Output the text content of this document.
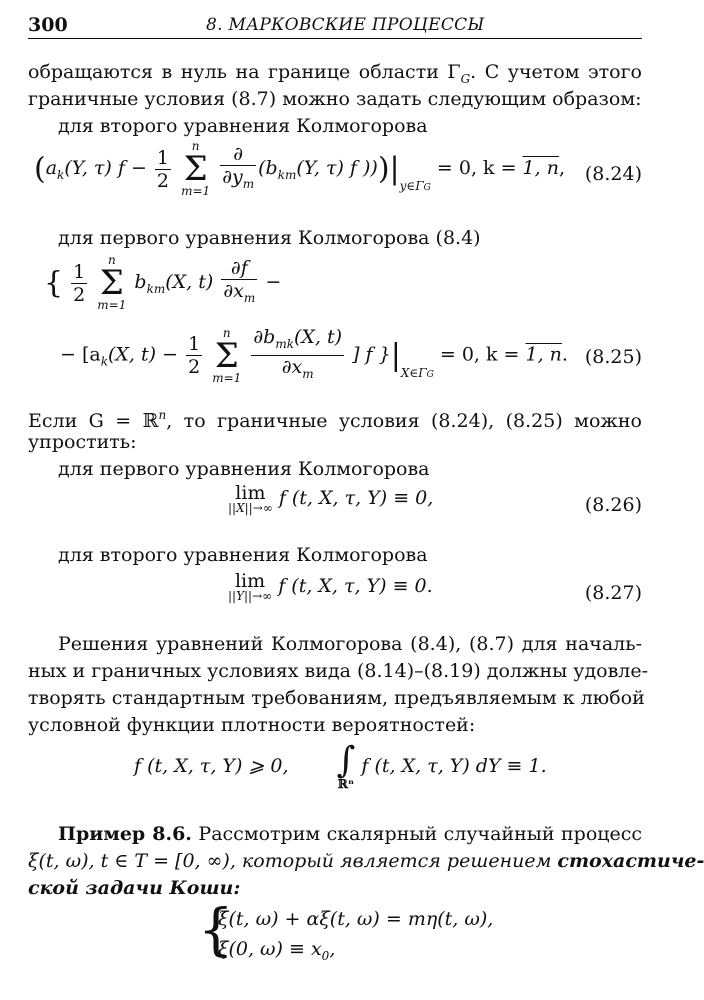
300	8. МАРКОВСКИЕ ПРОЦЕССЫ
обращаются в нуль на границе области $\Gamma_G$. С учетом этого
граничные условия (8.7) можно задать следующим образом:
для второго уравнения Колмогорова
($a_k(Y$, τ) $f - \frac{1}{2}$

n
Σ
m=1
$\frac{\partial}{\partial y_m} (b_{km}(Y$, τ) f )))$|_{y\in\Gamma G} = 0$, k = 1, n, (8.24)
для первого уравнения Колмогорова (8.4)
{ $\frac{1}{2}$

n
Σ
m=1
$b_{km}(X$, $t) \frac{\partial f}{\partial x_m}$ −
− [$a_k(X$, $t) - \frac{1}{2}$

n
Σ
m=1
$\frac{\partial b_{mk}(X, t)}{\partial x_m}$ ] f }$|_{X\in\Gamma G} = 0$, k = 1, n. (8.25)
Если G = ℝ$^n$, то граничные условия (8.24), (8.25) можно
упростить:
для первого уравнения Колмогорова
lim
||X||→∞ f (t, X, τ, Y) ≡ 0,	(8.26)
для второго уравнения Колмогорова
lim
||Y||→∞ f (t, X, τ, Y) ≡ 0.	(8.27)
Решения уравнений Колмогорова (8.4), (8.7) для началь-
ных и граничных условиях вида (8.14)–(8.19) должны удовле-
творять стандартным требованиям, предъявляемым к любой
условной функции плотности вероятностей:
f (t, X, τ, Y) ⩾ 0, ∫
ℝⁿ
f (t, X, τ, Y) dY ≡ 1.
Пример 8.6. Рассмотрим скалярный случайный процесс
ξ(t, ω), t ∈ T = [0, ∞), который является решением стохастиче-
ской задачи Коши:
{
ξ̇(t, ω) + αξ(t, ω) = mη(t, ω),
ξ(0, $\omega) \equiv x_0$,
